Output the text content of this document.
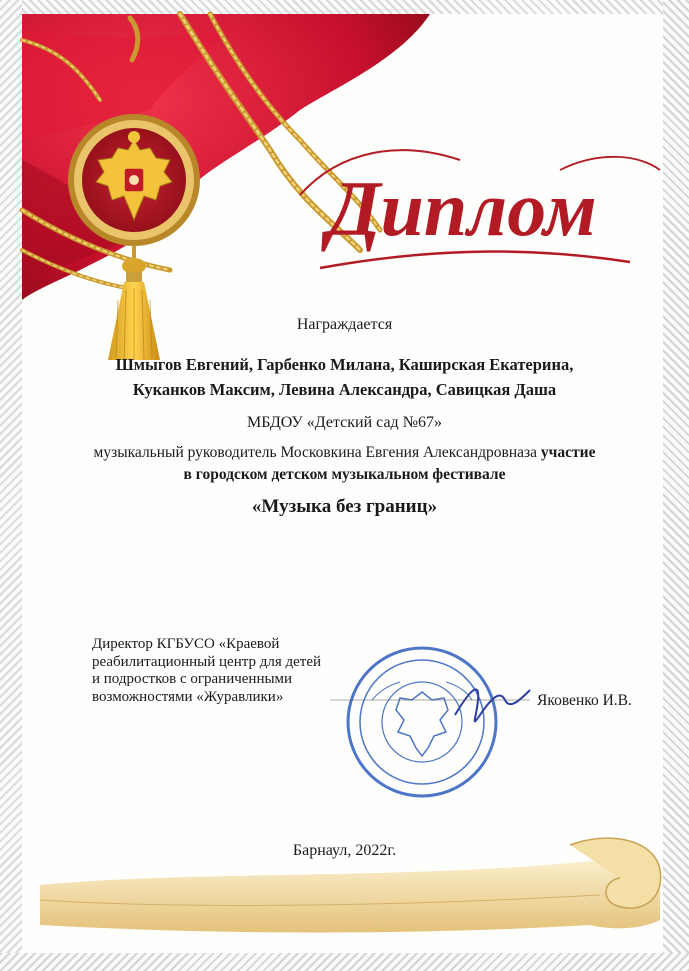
Диплом
Награждается
Шмыгов Евгений, Гарбенко Милана, Каширская Екатерина,
Куканков Максим, Левина Александра, Савицкая Даша
МБДОУ «Детский сад №67»
музыкальный руководитель Московкина Евгения Александровназа участие
в городском детском музыкальном фестивале
«Музыка без границ»
Директор КГБУСО «Краевой
реабилитационный центр для детей
и подростков с ограниченными
возможностями «Журавлики»	Яковенко И.В.
Барнаул, 2022г.
